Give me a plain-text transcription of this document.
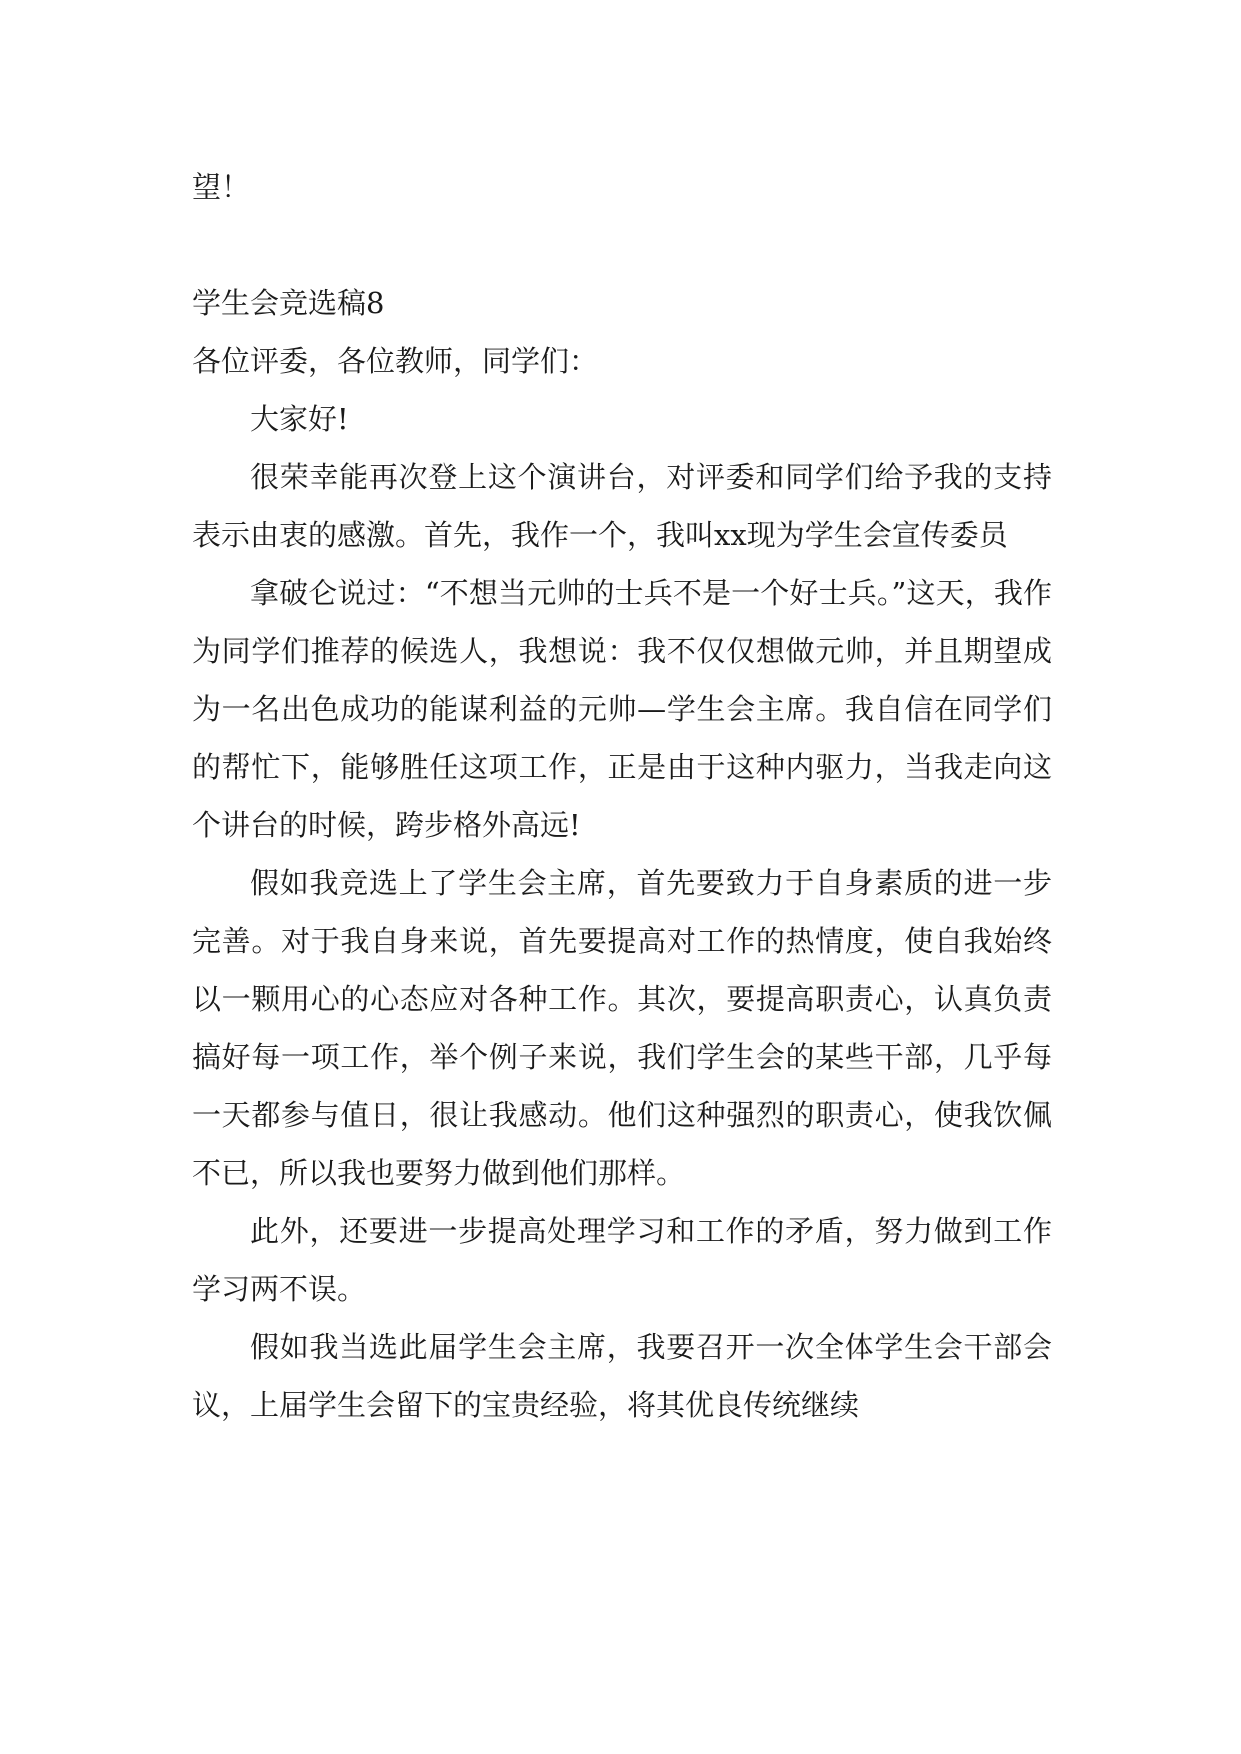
望！
学生会竞选稿8

各位评委，各位教师，同学们：

大家好!

很荣幸能再次登上这个演讲台，对评委和同学们给予我的支持表示由衷的感激。首先，我作一个，我叫xx现为学生会宣传委员

拿破仑说过：“不想当元帅的士兵不是一个好士兵。”这天，我作为同学们推荐的候选人，我想说：我不仅仅想做元帅，并且期望成为一名出色成功的能谋利益的元帅—学生会主席。我自信在同学们的帮忙下，能够胜任这项工作，正是由于这种内驱力，当我走向这个讲台的时候，跨步格外高远!

假如我竞选上了学生会主席，首先要致力于自身素质的进一步完善。对于我自身来说，首先要提高对工作的热情度，使自我始终以一颗用心的心态应对各种工作。其次，要提高职责心，认真负责搞好每一项工作，举个例子来说，我们学生会的某些干部，几乎每一天都参与值日，很让我感动。他们这种强烈的职责心，使我饮佩不已，所以我也要努力做到他们那样。

此外，还要进一步提高处理学习和工作的矛盾，努力做到工作学习两不误。

假如我当选此届学生会主席，我要召开一次全体学生会干部会议，上届学生会留下的宝贵经验，将其优良传统继续
